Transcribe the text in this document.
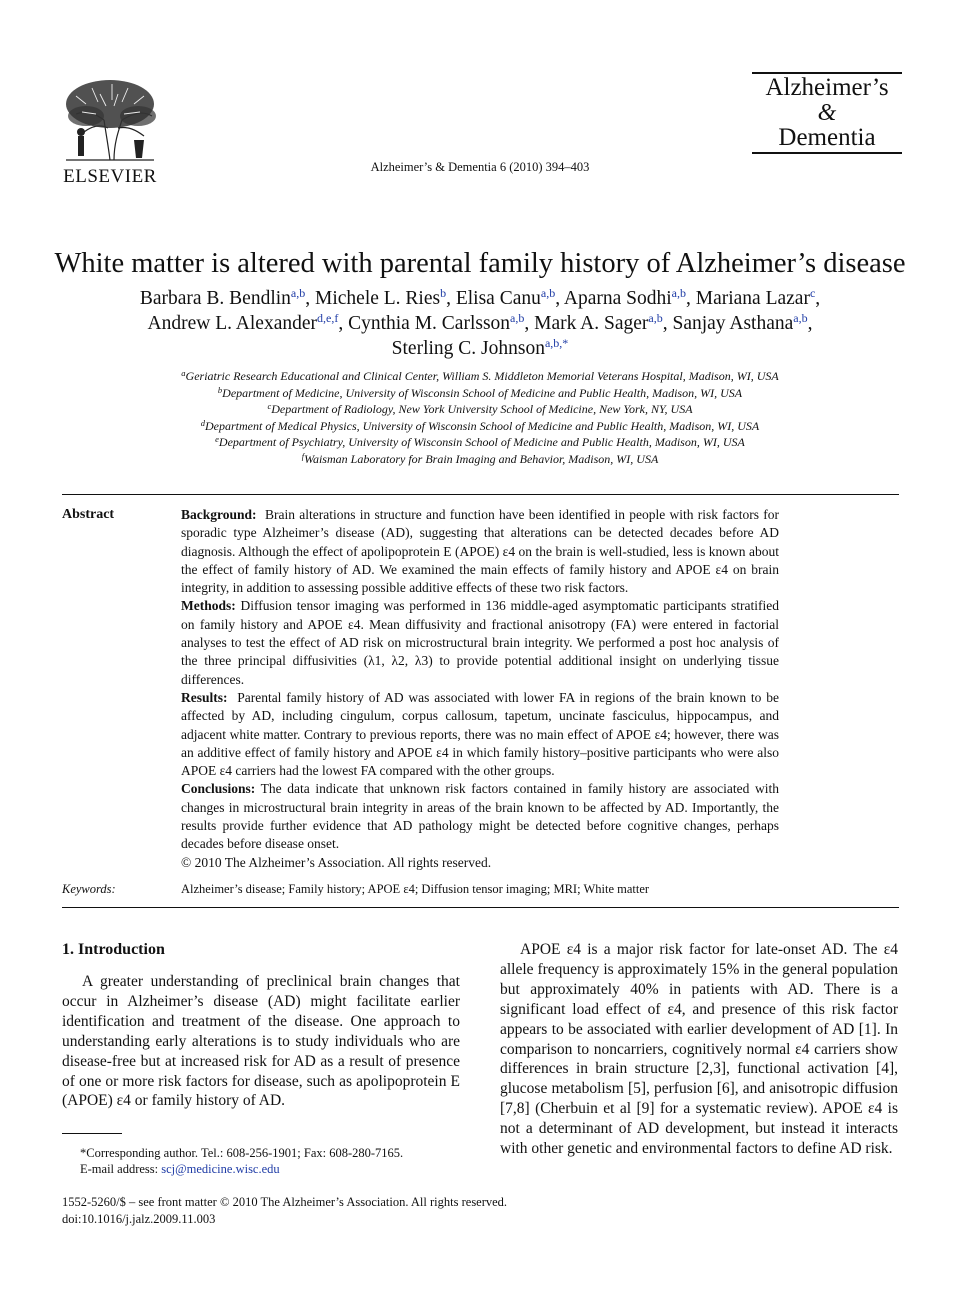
ELSEVIER	Alzheimer’s & Dementia 6 (2010) 394–403
Alzheimer’s
&
Dementia
White matter is altered with parental family history of Alzheimer’s disease
Barbara B. Bendlin$^{a,b}$, Michele L. Ries$^b$, Elisa Canu$^{a,b}$, Aparna Sodhi$^{a,b}$, Mariana Lazar$^c$,
Andrew L. Alexander$^{d,e,f}$, Cynthia M. Carlsson$^{a,b}$, Mark A. Sager$^{a,b}$, Sanjay Asthana$^{a,b}$,
Sterling C. Johnson$^{a,b,*}$
$^a$Geriatric Research Educational and Clinical Center, William S. Middleton Memorial Veterans Hospital, Madison, WI, USA
$^b$Department of Medicine, University of Wisconsin School of Medicine and Public Health, Madison, WI, USA
$^c$Department of Radiology, New York University School of Medicine, New York, NY, USA
$^d$Department of Medical Physics, University of Wisconsin School of Medicine and Public Health, Madison, WI, USA
$^e$Department of Psychiatry, University of Wisconsin School of Medicine and Public Health, Madison, WI, USA
$^f$Waisman Laboratory for Brain Imaging and Behavior, Madison, WI, USA
Abstract	Background: Brain alterations in structure and function have been identified in people with risk factors for sporadic type Alzheimer’s disease (AD), suggesting that alterations can be detected decades before AD diagnosis. Although the effect of apolipoprotein E (APOE) ε4 on the brain is well-studied, less is known about the effect of family history of AD. We examined the main effects of family history and APOE ε4 on brain integrity, in addition to assessing possible additive effects of these two risk factors.

Methods: Diffusion tensor imaging was performed in 136 middle-aged asymptomatic participants stratified on family history and APOE ε4. Mean diffusivity and fractional anisotropy (FA) were entered in factorial analyses to test the effect of AD risk on microstructural brain integrity. We performed a post hoc analysis of the three principal diffusivities (λ1, λ2, λ3) to provide potential additional insight on underlying tissue differences.

Results: Parental family history of AD was associated with lower FA in regions of the brain known to be affected by AD, including cingulum, corpus callosum, tapetum, uncinate fasciculus, hippocampus, and adjacent white matter. Contrary to previous reports, there was no main effect of APOE ε4; however, there was an additive effect of family history and APOE ε4 in which family history–positive participants who were also APOE ε4 carriers had the lowest FA compared with the other groups.

Conclusions: The data indicate that unknown risk factors contained in family history are associated with changes in microstructural brain integrity in areas of the brain known to be affected by AD. Importantly, the results provide further evidence that AD pathology might be detected before cognitive changes, perhaps decades before disease onset.

© 2010 The Alzheimer’s Association. All rights reserved.

Keywords:	Alzheimer’s disease; Family history; APOE ε4; Diffusion tensor imaging; MRI; White matter
1. Introduction

A greater understanding of preclinical brain changes that occur in Alzheimer’s disease (AD) might facilitate earlier identification and treatment of the disease. One approach to understanding early alterations is to study individuals who are disease-free but at increased risk for AD as a result of presence of one or more risk factors for disease, such as apolipoprotein E (APOE) ε4 or family history of AD.

APOE ε4 is a major risk factor for late-onset AD. The ε4 allele frequency is approximately 15% in the general population but approximately 40% in patients with AD. There is a significant load effect of ε4, and presence of this risk factor appears to be associated with earlier development of AD [1]. In comparison to noncarriers, cognitively normal ε4 carriers show differences in brain structure [2,3], functional activation [4], glucose metabolism [5], perfusion [6], and anisotropic diffusion [7,8] (Cherbuin et al [9] for a systematic review). APOE ε4 is not a determinant of AD development, but instead it interacts with other genetic and environmental factors to define AD risk.

*Corresponding author. Tel.: 608-256-1901; Fax: 608-280-7165.
E-mail address: scj@medicine.wisc.edu
1552-5260/$ – see front matter © 2010 The Alzheimer’s Association. All rights reserved.
doi:10.1016/j.jalz.2009.11.003
